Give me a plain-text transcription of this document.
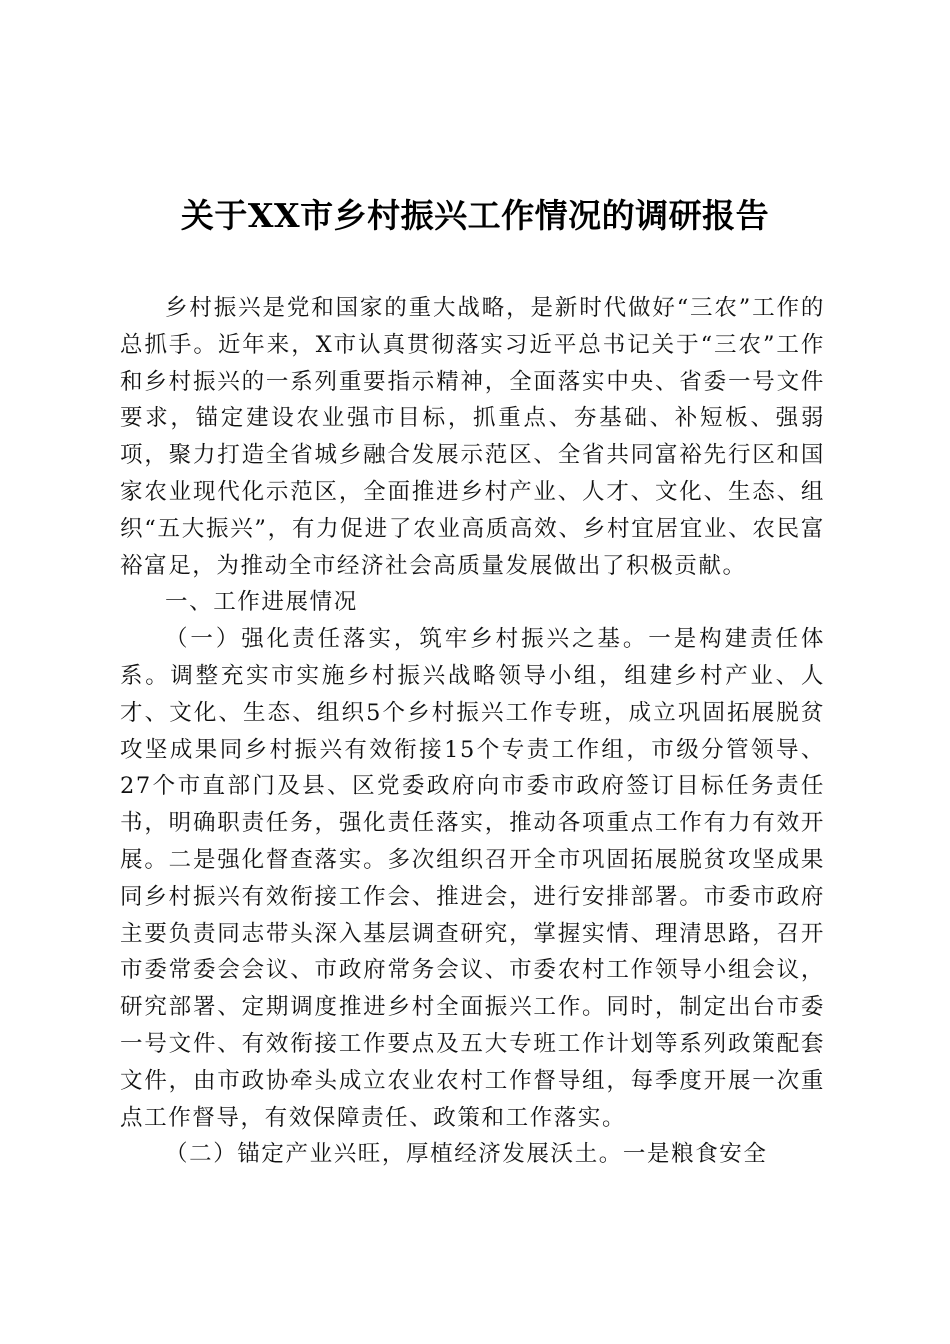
关于XX市乡村振兴工作情况的调研报告

乡村振兴是党和国家的重大战略，是新时代做好“三农”工作的总抓手。近年来，X市认真贯彻落实习近平总书记关于“三农”工作和乡村振兴的一系列重要指示精神，全面落实中央、省委一号文件要求，锚定建设农业强市目标，抓重点、夯基础、补短板、强弱项，聚力打造全省城乡融合发展示范区、全省共同富裕先行区和国家农业现代化示范区，全面推进乡村产业、人才、文化、生态、组织“五大振兴”，有力促进了农业高质高效、乡村宜居宜业、农民富裕富足，为推动全市经济社会高质量发展做出了积极贡献。

一、工作进展情况

（一）强化责任落实，筑牢乡村振兴之基。一是构建责任体系。调整充实市实施乡村振兴战略领导小组，组建乡村产业、人才、文化、生态、组织5个乡村振兴工作专班，成立巩固拓展脱贫攻坚成果同乡村振兴有效衔接15个专责工作组，市级分管领导、27个市直部门及县、区党委政府向市委市政府签订目标任务责任书，明确职责任务，强化责任落实，推动各项重点工作有力有效开展。二是强化督查落实。多次组织召开全市巩固拓展脱贫攻坚成果同乡村振兴有效衔接工作会、推进会，进行安排部署。市委市政府主要负责同志带头深入基层调查研究，掌握实情、理清思路，召开市委常委会会议、市政府常务会议、市委农村工作领导小组会议，研究部署、定期调度推进乡村全面振兴工作。同时，制定出台市委一号文件、有效衔接工作要点及五大专班工作计划等系列政策配套文件，由市政协牵头成立农业农村工作督导组，每季度开展一次重点工作督导，有效保障责任、政策和工作落实。

（二）锚定产业兴旺，厚植经济发展沃土。一是粮食安全
